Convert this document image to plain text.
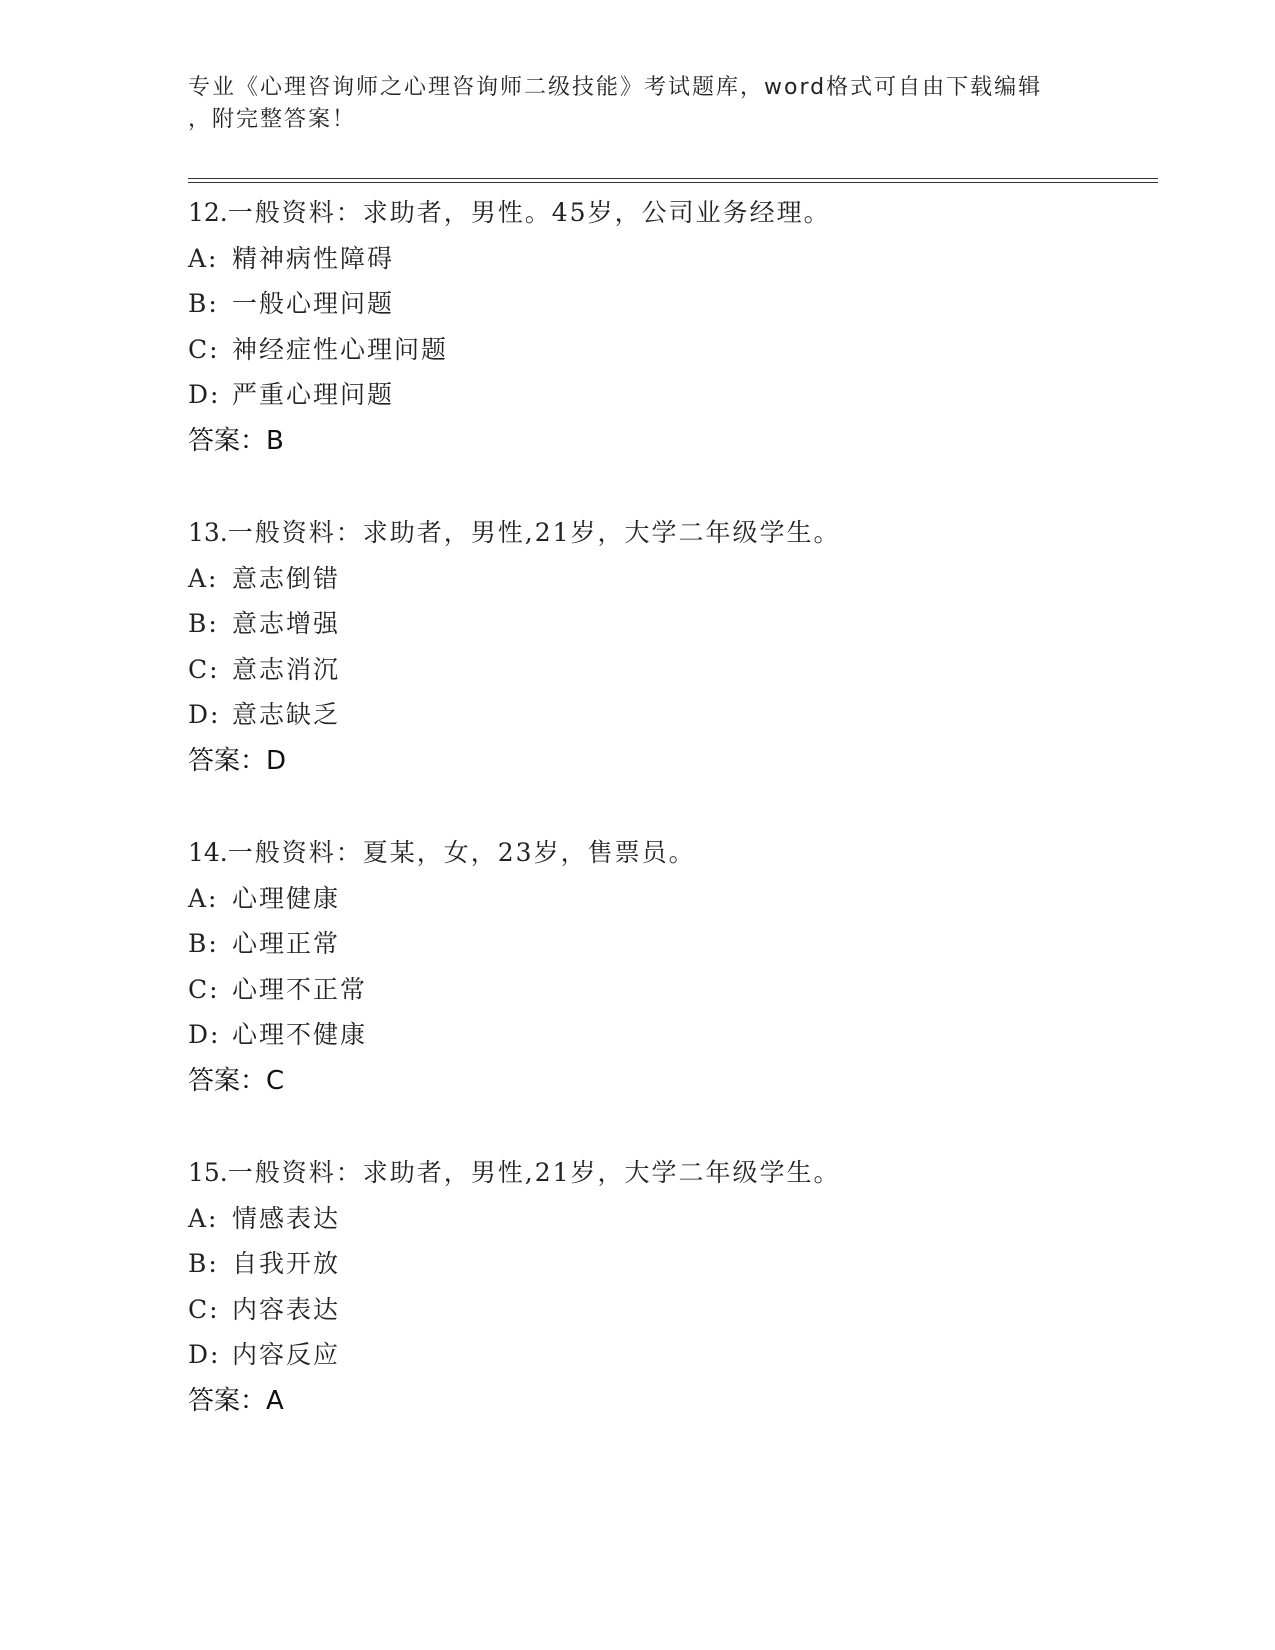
专业《心理咨询师之心理咨询师二级技能》考试题库，word格式可自由下载编辑
，附完整答案！
12.一般资料：求助者，男性。45岁，公司业务经理。
A: 精神病性障碍
B: 一般心理问题
C: 神经症性心理问题
D: 严重心理问题
答案：B
13.一般资料：求助者，男性,21岁，大学二年级学生。
A: 意志倒错
B: 意志增强
C: 意志消沉
D: 意志缺乏
答案：D
14.一般资料：夏某，女，23岁，售票员。
A: 心理健康
B: 心理正常
C: 心理不正常
D: 心理不健康
答案：C
15.一般资料：求助者，男性,21岁，大学二年级学生。
A: 情感表达
B: 自我开放
C: 内容表达
D: 内容反应
答案：A
